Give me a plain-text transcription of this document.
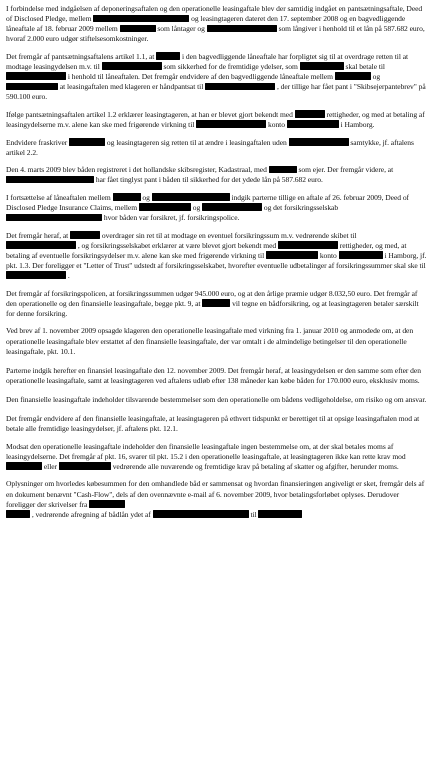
I forbindelse med indgåelsen af deponeringsaftalen og den operationelle leasingaftale blev der samtidig indgået en pantsætningsaftale, Deed of Disclosed Pledge, mellem	og leasingtageren dateret den 17. september 2008 og en bagvedliggende låneaftale af 18. februar 2009 mellem	som låntager og	som långiver i henhold til et lån på 587.682 euro, hvoraf 2.000 euro udgør stiftelsesomkostninger.

Det fremgår af pantsætningsaftalens artikel 1.1, at	i den bagvedliggende låneaftale har forpligtet sig til at overdrage retten til at modtage leasingydelsen m.v. til	som sikkerhed for de fremtidige ydelser, som	skal betale til  i henhold til låneaftalen. Det fremgår endvidere af den bagvedliggende låneaftale mellem	og  at leasingaftalen med klageren er håndpantsat til	, der tillige har fået pant i "Skibsejerpantebrev" på 590.100 euro.

Ifølge pantsætningsaftalen artikel 1.2 erklærer leasingtageren, at han er blevet gjort bekendt med	rettigheder, og med at betaling af leasingydelserne m.v. alene kan ske med frigørende virkning til	konto	i Hamborg.

Endvidere fraskriver	og leasingtageren sig retten til at ændre i leasingaftalen uden	samtykke, jf. aftalens artikel 2.2.

Den 4. marts 2009 blev båden registreret i det hollandske skibsregister, Kadastraal, med	som ejer. Der fremgår videre, at  har fået tinglyst pant i båden til sikkerhed for det ydede lån på 587.682 euro.

I fortsættelse af låneaftalen mellem	og	indgik parterne tillige en aftale af 26. februar 2009, Deed of Disclosed Pledge Insurance Claims, mellem	og	og det forsikringsselskab  hvor båden var forsikret, jf. forsikringspolice.

Det fremgår heraf, at	overdrager sin ret til at modtage en eventuel forsikringssum m.v. vedrørende skibet til  , og forsikringsselskabet erklærer at være blevet gjort bekendt med	rettigheder, og med, at betaling af eventuelle forsikringsydelser m.v. alene kan ske med frigørende virkning til	konto	i Hamborg, jf. pkt. 1.3. Der foreligger et "Letter of Trust" udstedt af forsikringsselskabet, hvorefter eventuelle udbetalinger af forsikringssummer skal ske til  .

Det fremgår af forsikringspolicen, at forsikringssummen udgør 945.000 euro, og at den årlige præmie udgør 8.032,50 euro. Det fremgår af den operationelle og den finansielle leasingaftale, begge pkt. 9, at	vil tegne en bådforsikring, og at leasingtageren betaler særskilt for denne forsikring.

Ved brev af 1. november 2009 opsagde klageren den operationelle leasingaftale med virkning fra 1. januar 2010 og anmodede om, at den operationelle leasingaftale blev erstattet af den finansielle leasingaftale, der var omtalt i de almindelige betingelser til den operationelle leasingaftale, pkt. 10.1.

Parterne indgik herefter en finansiel leasingaftale den 12. november 2009. Det fremgår heraf, at leasingydelsen er den samme som efter den operationelle leasingaftale, samt at leasingtageren ved aftalens udløb efter 138 måneder kan købe båden for 170.000 euro, eksklusiv moms.

Den finansielle leasingaftale indeholder tilsvarende bestemmelser som den operationelle om bådens vedligeholdelse, om risiko og om ansvar.

Det fremgår endvidere af den finansielle leasingaftale, at leasingtageren på ethvert tidspunkt er berettiget til at opsige leasingaftalen mod at betale alle fremtidige leasingydelser, jf. aftalens pkt. 12.1.

Modsat den operationelle leasingaftale indeholder den finansielle leasingaftale ingen bestemmelse om, at der skal betales moms af leasingydelserne. Det fremgår af pkt. 16, svarer til pkt. 15.2 i den operationelle leasingaftale, at leasingtageren ikke kan rette krav mod  eller	vedrørende alle nuværende og fremtidige krav på betaling af skatter og afgifter, herunder moms.

Oplysninger om hvorledes købesummen for den omhandlede båd er sammensat og hvordan finansieringen angiveligt er sket, fremgår dels af en dokument benævnt "Cash-Flow", dels af den ovennævnte e-mail af 6. november 2009, hvor betalingsforløbet oplyses. Derudover foreligger der skrivelser fra
, vedrørende afregning af bådlån ydet af	til
